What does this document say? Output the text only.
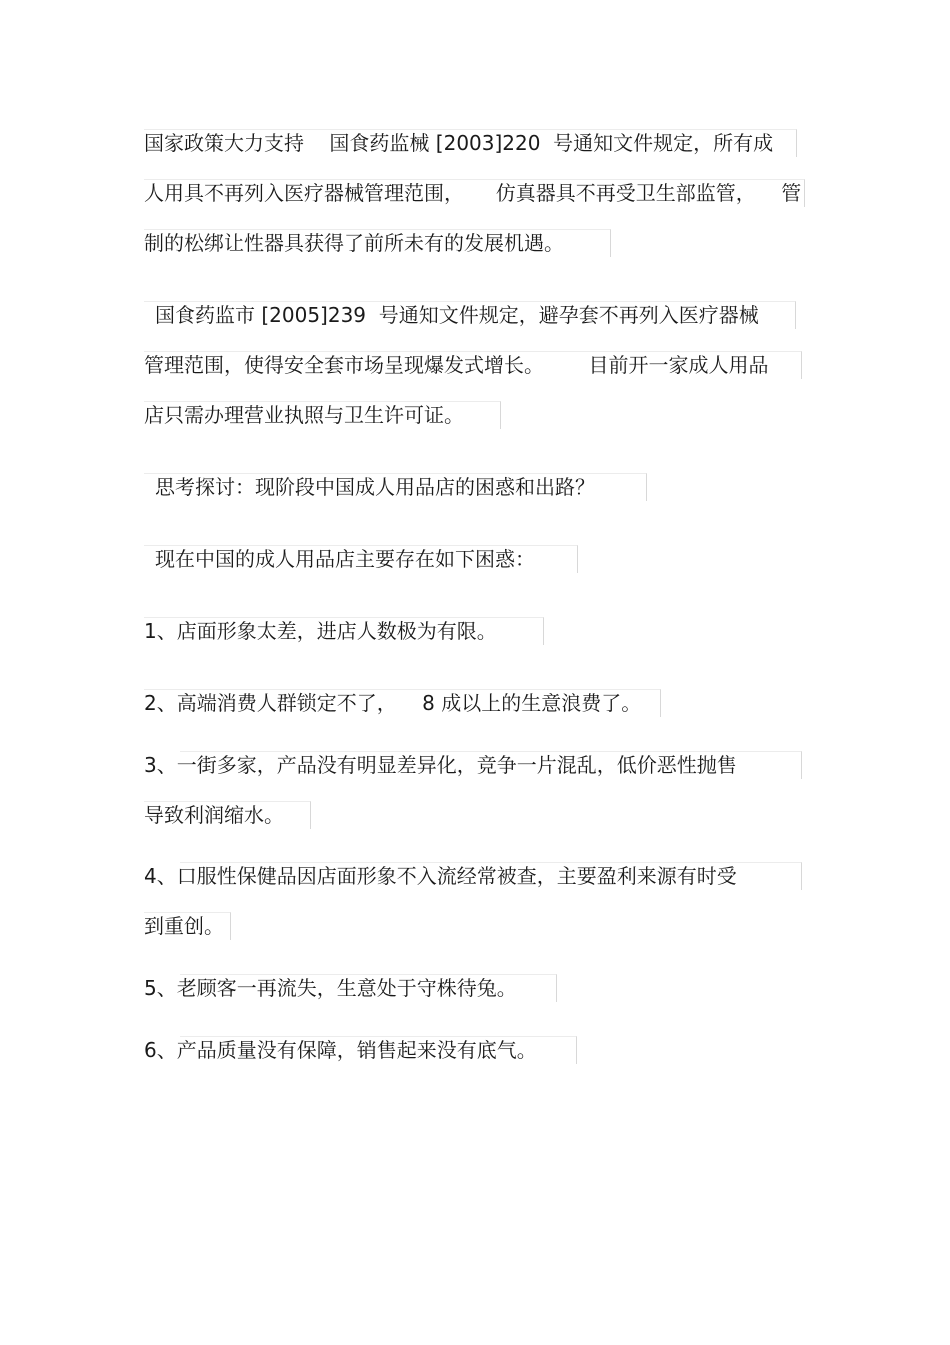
国家政策大力支持    国食药监械 [2003]220  号通知文件规定，所有成
人用具不再列入医疗器械管理范围，     仿真器具不再受卫生部监管，    管
制的松绑让性器具获得了前所未有的发展机遇。
国食药监市 [2005]239  号通知文件规定，避孕套不再列入医疗器械
管理范围，使得安全套市场呈现爆发式增长。       目前开一家成人用品
店只需办理营业执照与卫生许可证。
思考探讨：现阶段中国成人用品店的困惑和出路？
现在中国的成人用品店主要存在如下困惑：
1、店面形象太差，进店人数极为有限。
2、高端消费人群锁定不了，    8 成以上的生意浪费了。
3、一街多家，产品没有明显差异化，竞争一片混乱，低价恶性抛售
导致利润缩水。
4、口服性保健品因店面形象不入流经常被查，主要盈利来源有时受
到重创。
5、老顾客一再流失，生意处于守株待兔。
6、产品质量没有保障，销售起来没有底气。
